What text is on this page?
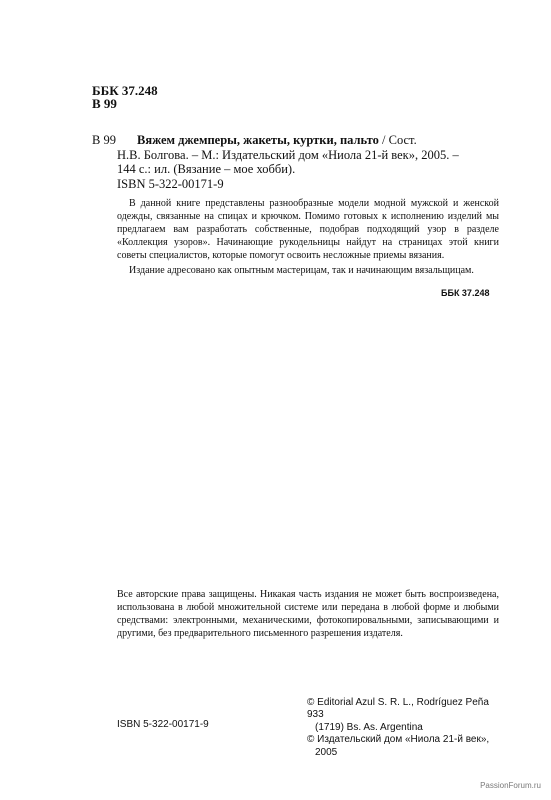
ББК 37.248
В 99
В 99	Вяжем джемперы, жакеты, куртки, пальто / Сост.
Н.В. Болгова. – М.: Издательский дом «Ниола 21-й век», 2005. –
144 с.: ил. (Вязание – мое хобби).
ISBN 5-322-00171-9

В данной книге представлены разнообразные модели модной мужской и женской одежды, связанные на спицах и крючком. Помимо готовых к исполнению изделий мы предлагаем вам разработать собственные, подобрав подходящий узор в разделе «Коллекция узоров». Начинающие рукодельницы найдут на страницах этой книги советы специалистов, которые помогут освоить несложные приемы вязания.

Издание адресовано как опытным мастерицам, так и начинающим вязальщицам.

ББК 37.248
Все авторские права защищены. Никакая часть издания не может быть воспроизведена, использована в любой множительной системе или передана в любой форме и любыми средствами: электронными, механическими, фотокопировальными, записывающими и другими, без предварительного письменного разрешения издателя.
© Editorial Azul S. R. L., Rodríguez Peña 933
(1719) Bs. As. Argentina
© Издательский дом «Ниола 21-й век»,
2005
ISBN 5-322-00171-9
PassionForum.ru
